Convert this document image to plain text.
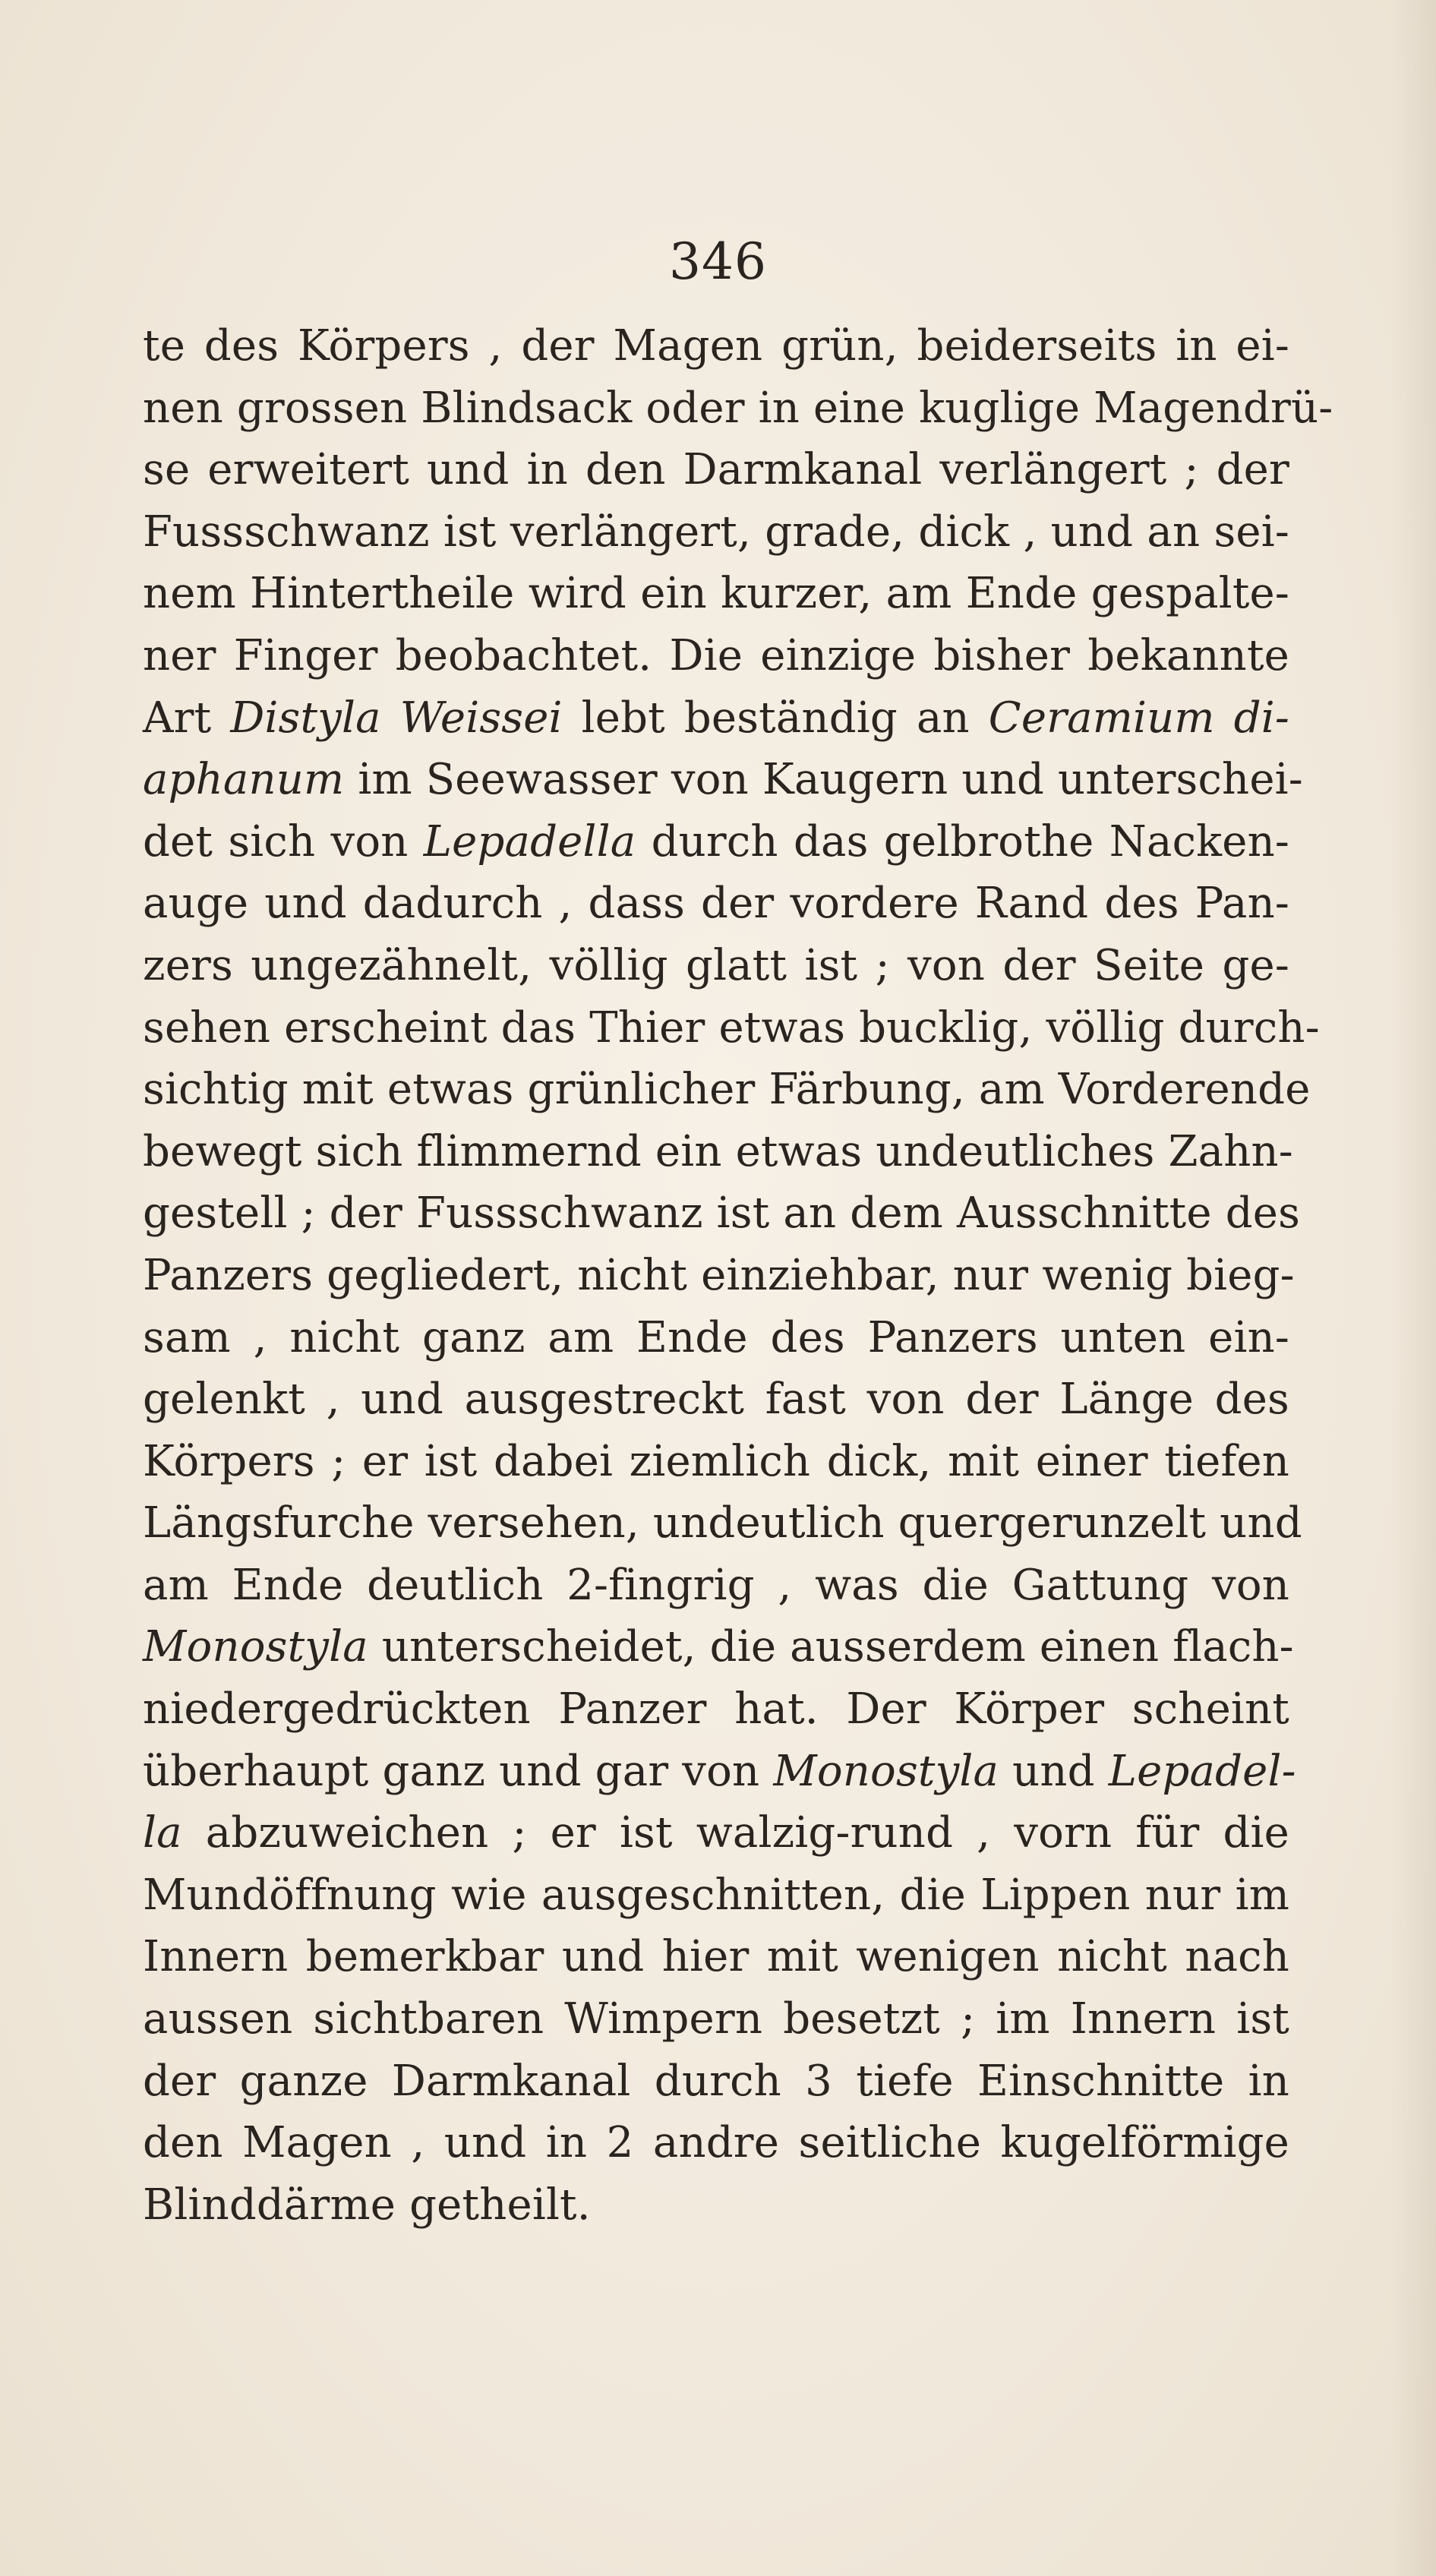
346
te des Körpers , der Magen grün, beiderseits in ei-
nen grossen Blindsack oder in eine kuglige Magendrü-
se erweitert und in den Darmkanal verlängert ; der
Fussschwanz ist verlängert, grade, dick , und an sei-
nem Hintertheile wird ein kurzer, am Ende gespalte-
ner Finger beobachtet. Die einzige bisher bekannte
Art Distyla Weissei lebt beständig an Ceramium di-
aphanum im Seewasser von Kaugern und unterschei-
det sich von Lepadella durch das gelbrothe Nacken-
auge und dadurch , dass der vordere Rand des Pan-
zers ungezähnelt, völlig glatt ist ; von der Seite ge-
sehen erscheint das Thier etwas bucklig, völlig durch-
sichtig mit etwas grünlicher Färbung, am Vorderende
bewegt sich flimmernd ein etwas undeutliches Zahn-
gestell ; der Fussschwanz ist an dem Ausschnitte des
Panzers gegliedert, nicht einziehbar, nur wenig bieg-
sam , nicht ganz am Ende des Panzers unten ein-
gelenkt , und ausgestreckt fast von der Länge des
Körpers ; er ist dabei ziemlich dick, mit einer tiefen
Längsfurche versehen, undeutlich quergerunzelt und
am Ende deutlich 2-fingrig , was die Gattung von
Monostyla unterscheidet, die ausserdem einen flach-
niedergedrückten Panzer hat. Der Körper scheint
überhaupt ganz und gar von Monostyla und Lepadel-
la abzuweichen ; er ist walzig-rund , vorn für die
Mundöffnung wie ausgeschnitten, die Lippen nur im
Innern bemerkbar und hier mit wenigen nicht nach
aussen sichtbaren Wimpern besetzt ; im Innern ist
der ganze Darmkanal durch 3 tiefe Einschnitte in
den Magen , und in 2 andre seitliche kugelförmige
Blinddärme getheilt.
